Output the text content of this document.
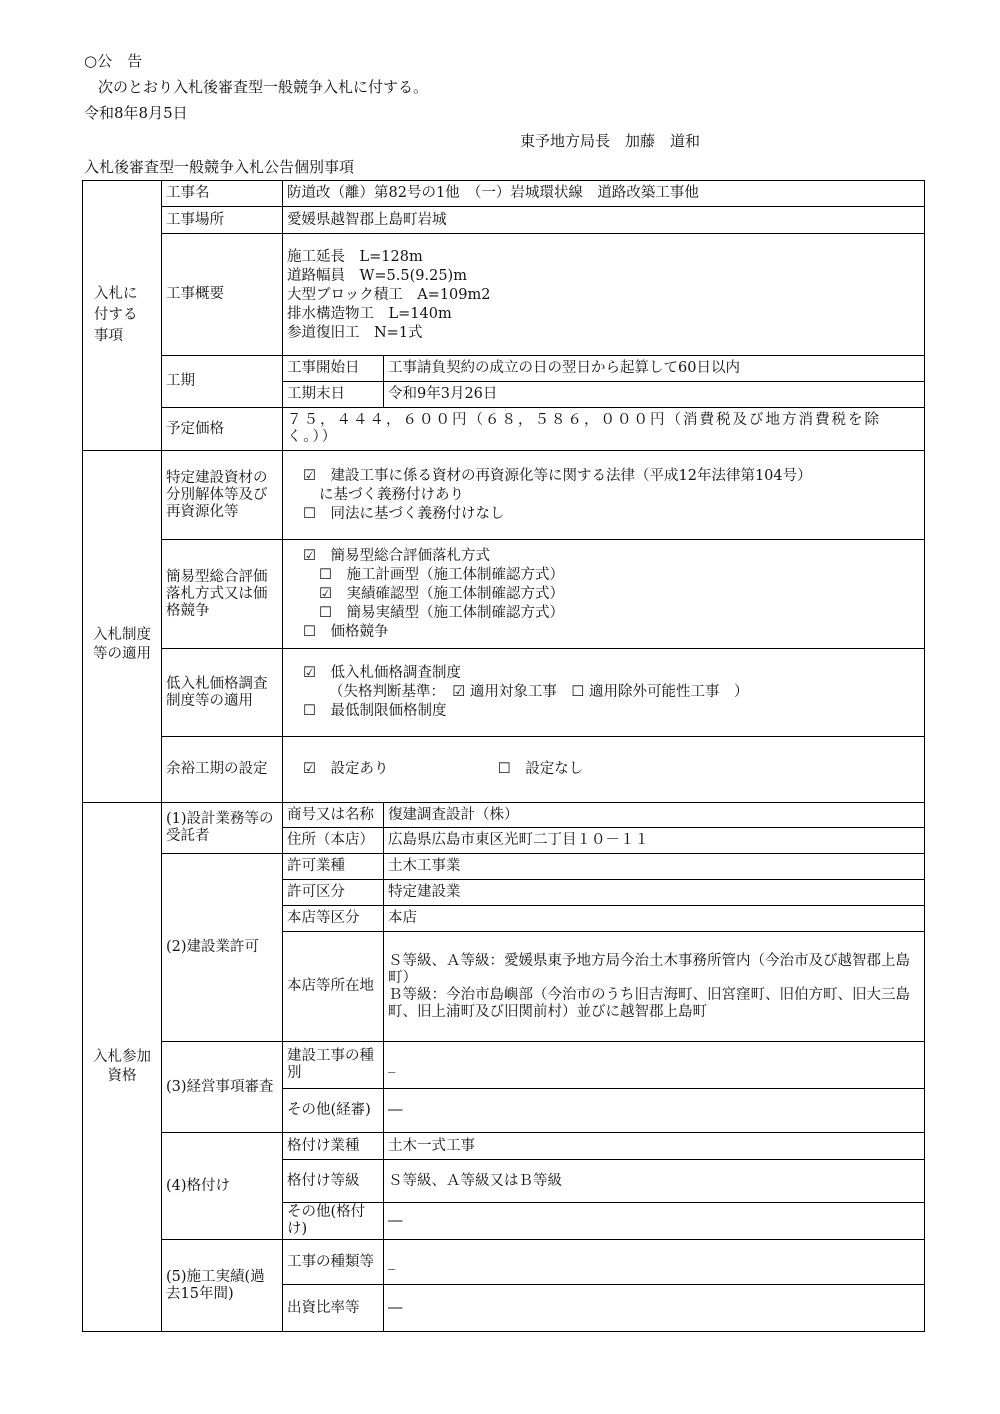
○公　告
次のとおり入札後審査型一般競争入札に付する。
令和8年8月5日
東予地方局長　加藤　道和
入札後審査型一般競争入札公告個別事項
入札に付する事項	工事名	防道改（離）第82号の1他　（一）岩城環状線　道路改築工事他	
	工事場所	愛媛県越智郡上島町岩城	
	工事概要	施工延長　L=128m
道路幅員　W=5.5(9.25)m
大型ブロック積工　A=109m2
排水構造物工　L=140m
参道復旧工　N=1式	

	工期	工事開始日	工事請負契約の成立の日の翌日から起算して60日以内
		工期末日	令和9年3月26日
	予定価格	７５，４４４，６００円（６８，５８６，０００円（消費税及び地方消費税を除く。））	

入札制度等の適用	特定建設資材の分別解体等及び再資源化等	☑　 建設工事に係る資材の再資源化等に関する法律（平成12年法律第104号）
に基づく義務付けあり
☐　 同法に基づく義務付けなし	

	簡易型総合評価落札方式又は価格競争	☑　 簡易型総合評価落札方式
☐　 施工計画型（施工体制確認方式）
☑　 実績確認型（施工体制確認方式）
☐　 簡易実績型（施工体制確認方式）
☐　 価格競争	

	低入札価格調査制度等の適用	☑　 低入札価格調査制度
（失格判断基準：　 ☑ 適用対象工事　 ☐ 適用除外可能性工事　）
☐　 最低制限価格制度	

	余裕工期の設定	☑　 設定あり ☐　 設定なし	

入札参加資格	(1)設計業務等の受託者	商号又は名称	復建調査設計（株）
		住所（本店）	広島県広島市東区光町二丁目１０－１１
	(2)建設業許可	許可業種	土木工事業
		許可区分	特定建設業
		本店等区分	本店
		本店等所在地	Ｓ等級、Ａ等級：愛媛県東予地方局今治土木事務所管内（今治市及び越智郡上島町）
Ｂ等級：今治市島嶼部（今治市のうち旧吉海町、旧宮窪町、旧伯方町、旧大三島町、旧上浦町及び旧関前村）並びに越智郡上島町

	(3)経営事項審査	建設工事の種別	_
		その他(経審)	―
	(4)格付け	格付け業種	土木一式工事
		格付け等級	Ｓ等級、Ａ等級又はＢ等級
		その他(格付け)	―
	(5)施工実績(過去15年間)	工事の種類等	_
		出資比率等	―
